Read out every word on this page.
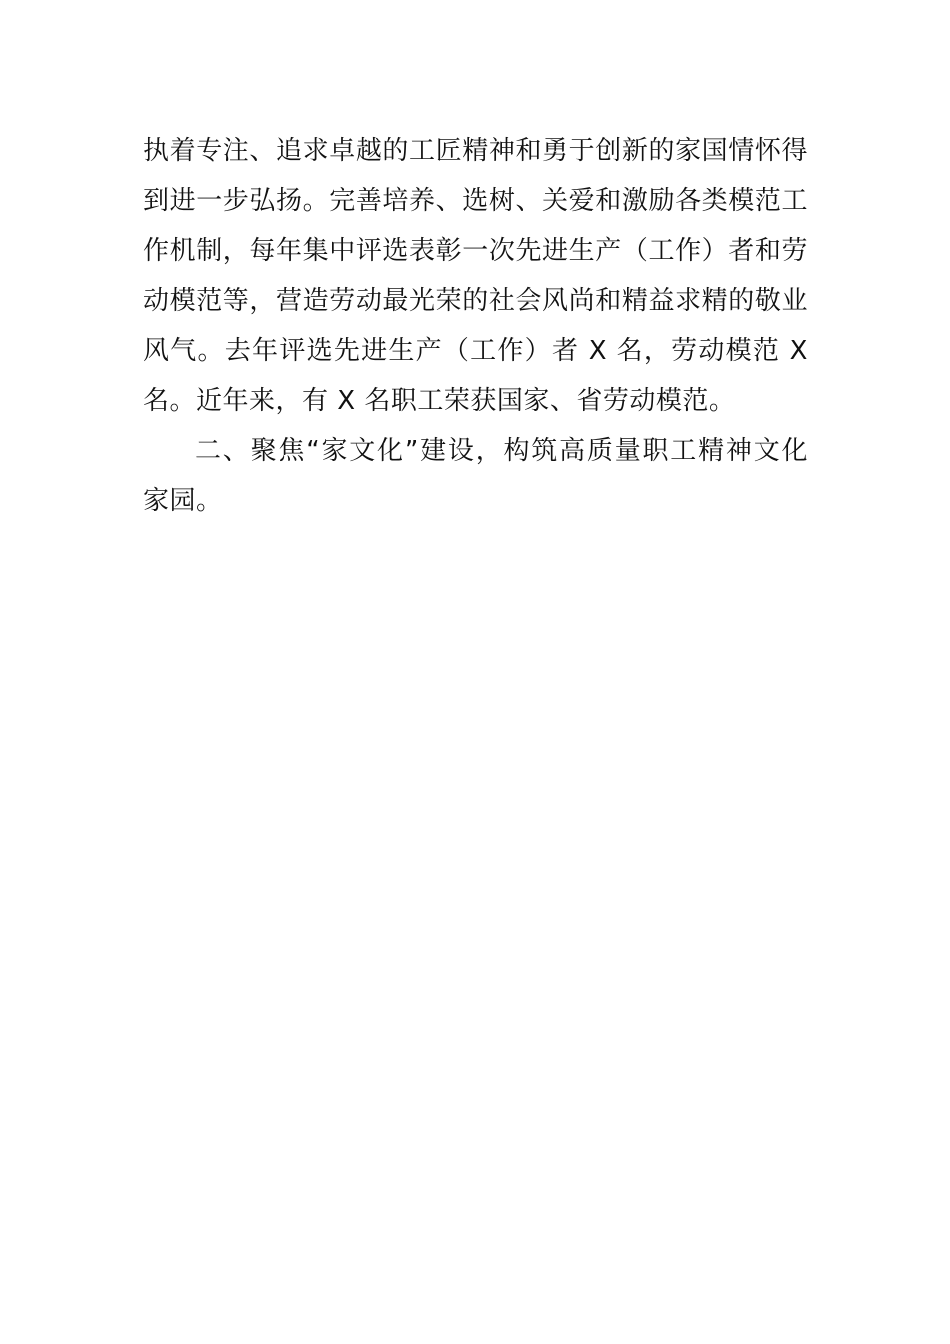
执着专注、追求卓越的工匠精神和勇于创新的家国情怀得
到进一步弘扬。完善培养、选树、关爱和激励各类模范工
作机制，每年集中评选表彰一次先进生产（工作）者和劳
动模范等，营造劳动最光荣的社会风尚和精益求精的敬业
风气。去年评选先进生产（工作）者 X 名，劳动模范 X
名。近年来，有 X 名职工荣获国家、省劳动模范。
二、聚焦“家文化”建设，构筑高质量职工精神文化
家园。
